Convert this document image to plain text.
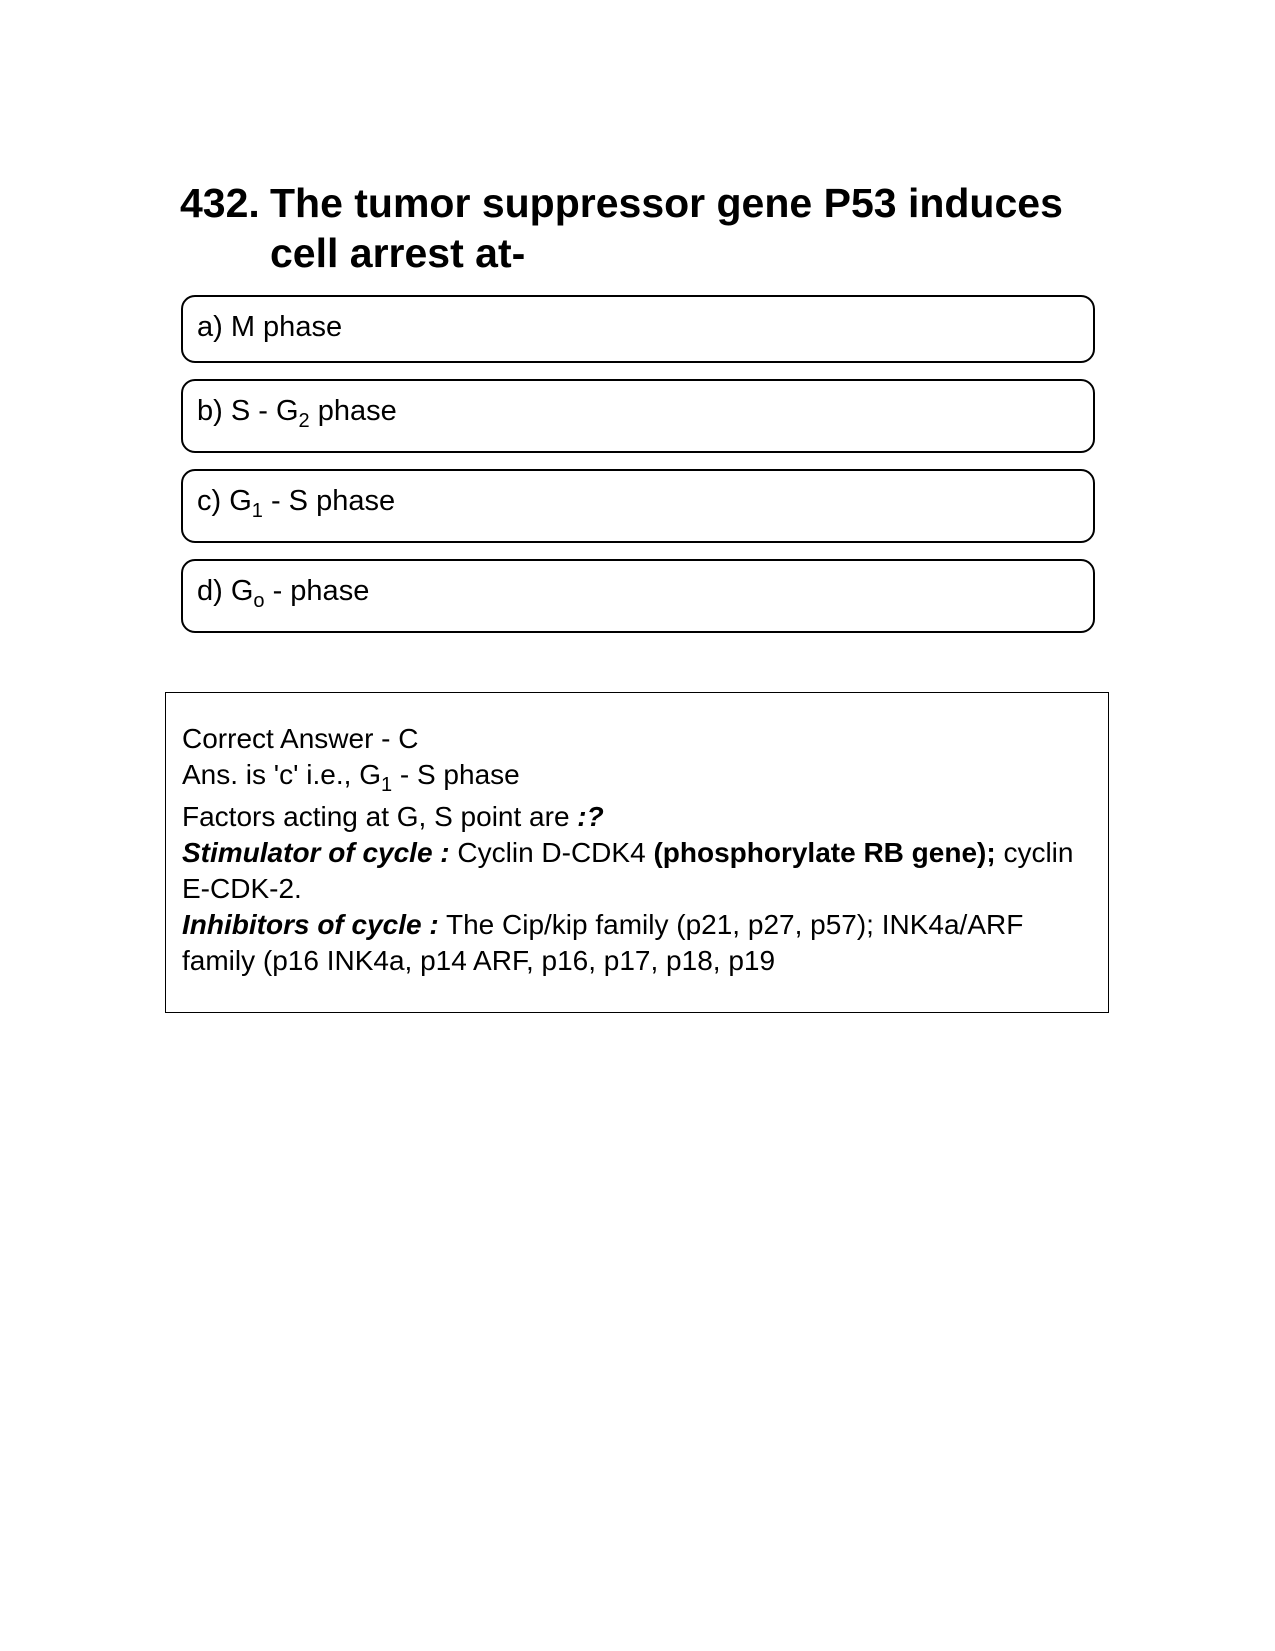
432. The tumor suppressor gene P53 induces cell arrest at-
a) M phase
b) S - $G_2$ phase
c) $G_1$ - S phase
d) $G_o$ - phase

Correct Answer - C

Ans. is 'c' i.e., $G_1$ - S phase

Factors acting at G, S point are :?

Stimulator of cycle : Cyclin D-CDK4 (phosphorylate RB gene); cyclin E-CDK-2.

Inhibitors of cycle : The Cip/kip family (p21, p27, p57); INK4a/ARF family (p16 INK4a, p14 ARF, p16, p17, p18, p19
